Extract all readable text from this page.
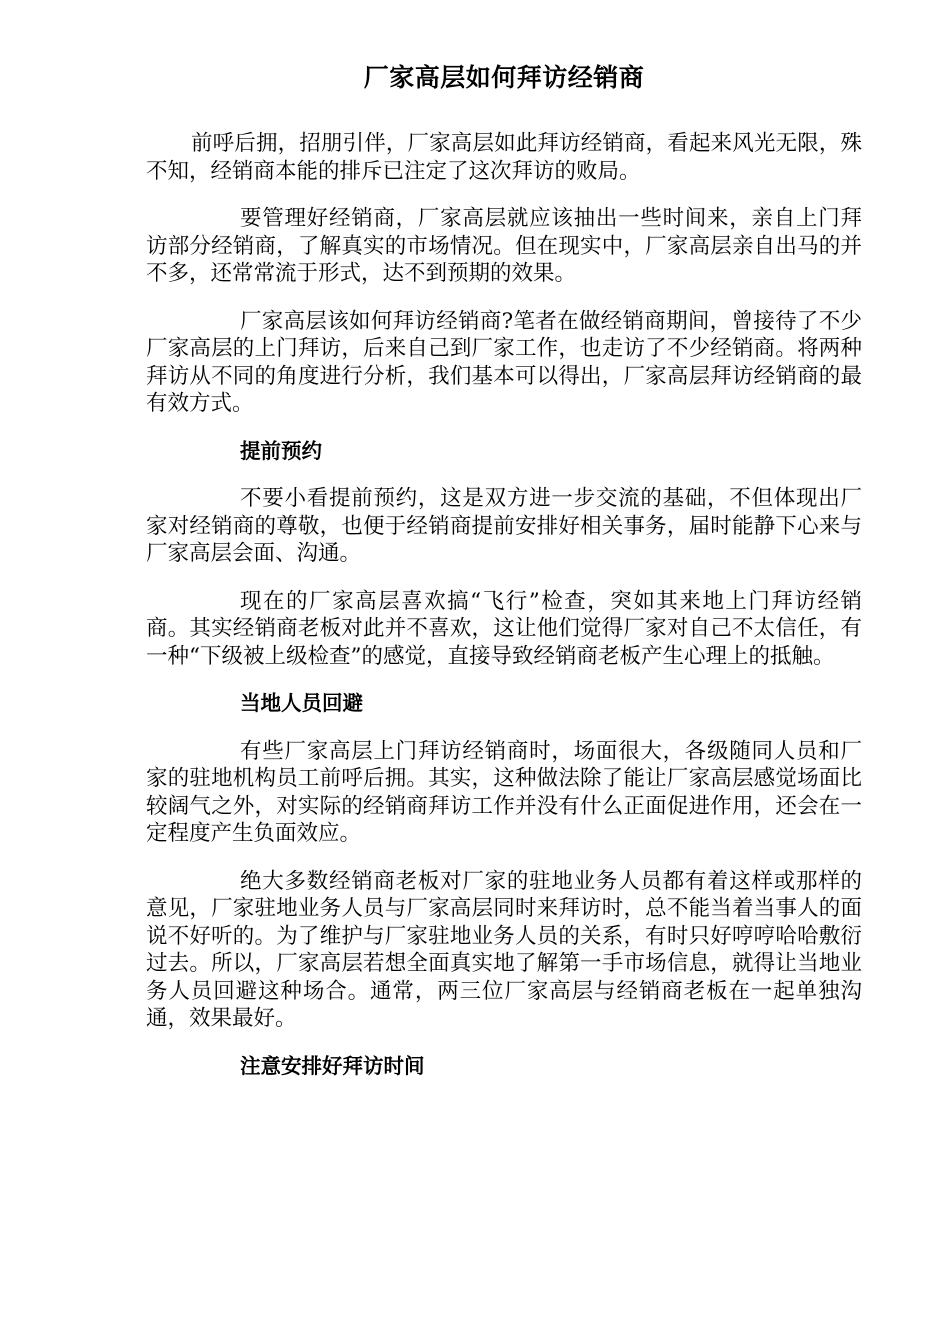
厂家高层如何拜访经销商

前呼后拥，招朋引伴，厂家高层如此拜访经销商，看起来风光无限，殊不知，经销商本能的排斥已注定了这次拜访的败局。

要管理好经销商，厂家高层就应该抽出一些时间来，亲自上门拜访部分经销商，了解真实的市场情况。但在现实中，厂家高层亲自出马的并不多，还常常流于形式，达不到预期的效果。

厂家高层该如何拜访经销商?笔者在做经销商期间，曾接待了不少厂家高层的上门拜访，后来自己到厂家工作，也走访了不少经销商。将两种拜访从不同的角度进行分析，我们基本可以得出，厂家高层拜访经销商的最有效方式。

提前预约

不要小看提前预约，这是双方进一步交流的基础，不但体现出厂家对经销商的尊敬，也便于经销商提前安排好相关事务，届时能静下心来与厂家高层会面、沟通。

现在的厂家高层喜欢搞“飞行”检查，突如其来地上门拜访经销商。其实经销商老板对此并不喜欢，这让他们觉得厂家对自己不太信任，有一种“下级被上级检查”的感觉，直接导致经销商老板产生心理上的抵触。

当地人员回避

有些厂家高层上门拜访经销商时，场面很大，各级随同人员和厂家的驻地机构员工前呼后拥。其实，这种做法除了能让厂家高层感觉场面比较阔气之外，对实际的经销商拜访工作并没有什么正面促进作用，还会在一定程度产生负面效应。

绝大多数经销商老板对厂家的驻地业务人员都有着这样或那样的意见，厂家驻地业务人员与厂家高层同时来拜访时，总不能当着当事人的面说不好听的。为了维护与厂家驻地业务人员的关系，有时只好哼哼哈哈敷衍过去。所以，厂家高层若想全面真实地了解第一手市场信息，就得让当地业务人员回避这种场合。通常，两三位厂家高层与经销商老板在一起单独沟通，效果最好。

注意安排好拜访时间
